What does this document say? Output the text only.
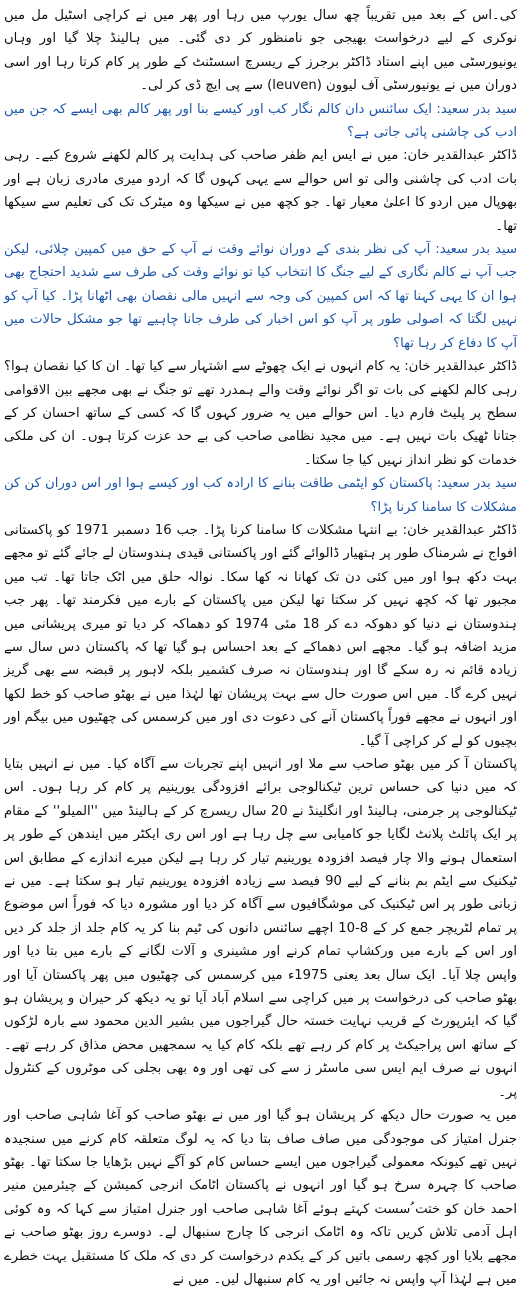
کی۔اس کے بعد میں تقریباً چھ سال یورپ میں رہا اور پھر میں نے کراچی اسٹیل مل میں نوکری کے لیے درخواست بھیجی جو نامنظور کر دی گئی۔ میں ہالینڈ چلا گیا اور وہاں یونیورسٹی میں اپنے استاد ڈاکٹر برجرز کے ریسرچ اسسٹنٹ کے طور پر کام کرتا رہا اور اسی دوران میں نے یونیورسٹی آف لیوون (leuven) سے پی ایچ ڈی کر لی۔

سید بدر سعید: ایک سائنس دان کالم نگار کب اور کیسے بنا اور پھر کالم بھی ایسے کہ جن میں ادب کی چاشنی پائی جاتی ہے؟

ڈاکٹر عبدالقدیر خان: میں نے ایس ایم ظفر صاحب کی ہدایت پر کالم لکھنے شروع کیے۔ رہی بات ادب کی چاشنی والی تو اس حوالے سے یہی کہوں گا کہ اردو میری مادری زبان ہے اور بھوپال میں اردو کا اعلیٰ معیار تھا۔ جو کچھ میں نے سیکھا وہ میٹرک تک کی تعلیم سے سیکھا تھا۔

سید بدر سعید: آپ کی نظر بندی کے دوران نوائے وقت نے آپ کے حق میں کمپین چلائی، لیکن جب آپ نے کالم نگاری کے لیے جنگ کا انتخاب کیا تو نوائے وقت کی طرف سے شدید احتجاج بھی ہوا ان کا یہی کہنا تھا کہ اس کمپین کی وجہ سے انہیں مالی نقصان بھی اٹھانا پڑا۔ کیا آپ کو نہیں لگتا کہ اصولی طور پر آپ کو اس اخبار کی طرف جانا چاہیے تھا جو مشکل حالات میں آپ کا دفاع کر رہا تھا؟

ڈاکٹر عبدالقدیر خان: یہ کام انہوں نے ایک چھوٹے سے اشتہار سے کیا تھا۔ ان کا کیا نقصان ہوا؟ رہی کالم لکھنے کی بات تو اگر نوائے وقت والے ہمدرد تھے تو جنگ نے بھی مجھے بین الاقوامی سطح پر پلیٹ فارم دیا۔ اس حوالے میں یہ ضرور کہوں گا کہ کسی کے ساتھ احسان کر کے جتانا ٹھیک بات نہیں ہے۔ میں مجید نظامی صاحب کی بے حد عزت کرتا ہوں۔ ان کی ملکی خدمات کو نظر انداز نہیں کیا جا سکتا۔

سید بدر سعید: پاکستان کو ایٹمی طاقت بنانے کا ارادہ کب اور کیسے ہوا اور اس دوران کن کن مشکلات کا سامنا کرنا پڑا؟

ڈاکٹر عبدالقدیر خان: بے انتہا مشکلات کا سامنا کرنا پڑا۔ جب 16 دسمبر 1971 کو پاکستانی افواج نے شرمناک طور پر ہتھیار ڈالوائے گئے اور پاکستانی قیدی ہندوستان لے جائے گئے تو مجھے بہت دکھ ہوا اور میں کئی دن تک کھانا نہ کھا سکا۔ نوالہ حلق میں اٹک جاتا تھا۔ تب میں مجبور تھا کہ کچھ نہیں کر سکتا تھا لیکن میں پاکستان کے بارے میں فکرمند تھا۔ پھر جب ہندوستان نے دنیا کو دھوکہ دے کر 18 مئی 1974 کو دھماکہ کر دیا تو میری پریشانی میں مزید اضافہ ہو گیا۔ مجھے اس دھماکے کے بعد احساس ہو گیا تھا کہ پاکستان دس سال سے زیادہ قائم نہ رہ سکے گا اور ہندوستان نہ صرف کشمیر بلکہ لاہور پر قبضہ سے بھی گریز نہیں کرے گا۔ میں اس صورت حال سے بہت پریشان تھا لہٰذا میں نے بھٹو صاحب کو خط لکھا اور انہوں نے مجھے فوراً پاکستان آنے کی دعوت دی اور میں کرسمس کی چھٹیوں میں بیگم اور بچیوں کو لے کر کراچی آ گیا۔

پاکستان آ کر میں بھٹو صاحب سے ملا اور انہیں اپنے تجربات سے آگاہ کیا۔ میں نے انہیں بتایا کہ میں دنیا کی حساس ترین ٹیکنالوجی برائے افزودگی یورینیم پر کام کر رہا ہوں۔ اس ٹیکنالوجی پر جرمنی، ہالینڈ اور انگلینڈ نے 20 سال ریسرچ کر کے ہالینڈ میں ''المیلو'' کے مقام پر ایک پائلٹ پلانٹ لگایا جو کامیابی سے چل رہا ہے اور اس ری ایکٹر میں ایندھن کے طور پر استعمال ہونے والا چار فیصد افزودہ یورینیم تیار کر رہا ہے لیکن میرے اندازے کے مطابق اس ٹیکنیک سے ایٹم بم بنانے کے لیے 90 فیصد سے زیادہ افزودہ یورینیم تیار ہو سکتا ہے۔ میں نے زبانی طور پر اس ٹیکنیک کی موشگافیوں سے آگاہ کر دیا اور مشورہ دیا کہ فوراً اس موضوع پر تمام لٹریچر جمع کر کے 8-10 اچھے سائنس دانوں کی ٹیم بنا کر یہ کام جلد از جلد کر دیں اور اس کے بارے میں ورکشاپ تمام کرنے اور مشینری و آلات لگانے کے بارے میں بتا دیا اور واپس چلا آیا۔ ایک سال بعد یعنی 1975ء میں کرسمس کی چھٹیوں میں پھر پاکستان آیا اور بھٹو صاحب کی درخواست پر میں کراچی سے اسلام آباد آیا تو یہ دیکھ کر حیران و پریشان ہو گیا کہ ایئرپورٹ کے قریب نہایت خستہ حال گیراجوں میں بشیر الدین محمود سے بارہ لڑکوں کے ساتھ اس پراجیکٹ پر کام کر رہے تھے بلکہ کام کیا یہ سمجھیں محض مذاق کر رہے تھے۔ انہوں نے صرف ایم ایس سی ماسٹر ز سے کی تھی اور وہ بھی بجلی کی موٹروں کے کنٹرول پر۔

میں یہ صورت حال دیکھ کر پریشان ہو گیا اور میں نے بھٹو صاحب کو آغا شاہی صاحب اور جنرل امتیاز کی موجودگی میں صاف صاف بتا دیا کہ یہ لوگ متعلقہ کام کرنے میں سنجیدہ نہیں تھے کیونکہ معمولی گیراجوں میں ایسے حساس کام کو آگے نہیں بڑھایا جا سکتا تھا۔ بھٹو صاحب کا چہرہ سرخ ہو گیا اور انہوں نے پاکستان اٹامک انرجی کمیشن کے چیئرمین منیر احمد خان کو ختت ُسست کہتے ہوئے آغا شاہی صاحب اور جنرل امتیاز سے کہا کہ وہ کوئی اہل آدمی تلاش کریں تاکہ وہ اٹامک انرجی کا چارج سنبھال لے۔ دوسرے روز بھٹو صاحب نے مجھے بلایا اور کچھ رسمی باتیں کر کے یکدم درخواست کر دی کہ ملک کا مستقبل بہت خطرے میں ہے لہٰذا آپ واپس نہ جائیں اور یہ کام سنبھال لیں۔ میں نے
